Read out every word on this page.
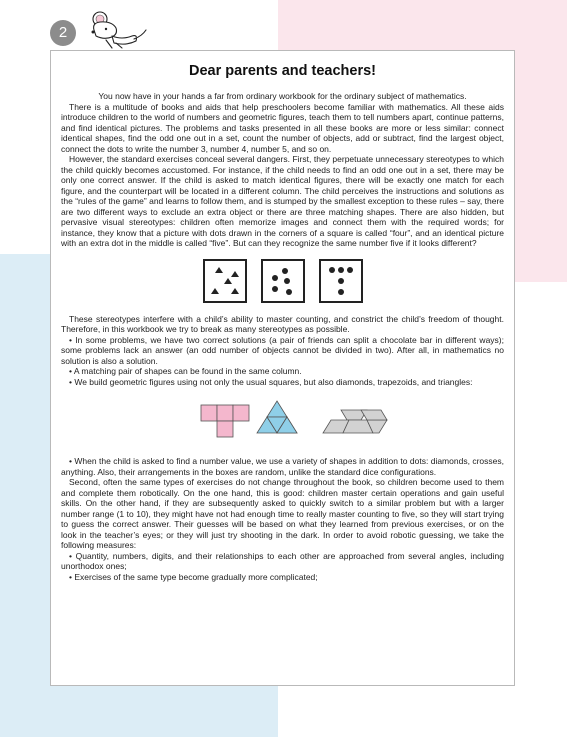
2
Dear parents and teachers!

You now have in your hands a far from ordinary workbook for the ordinary subject of mathematics.

There is a multitude of books and aids that help preschoolers become familiar with mathematics. All these aids introduce children to the world of numbers and geometric figures, teach them to tell numbers apart, continue patterns, and find identical pictures. The problems and tasks presented in all these books are more or less similar: connect identical shapes, find the odd one out in a set, count the number of objects, add or subtract, find the largest object, connect the dots to write the number 3, number 4, number 5, and so on.

However, the standard exercises conceal several dangers. First, they perpetuate unnecessary stereotypes to which the child quickly becomes accustomed. For instance, if the child needs to find an odd one out in a set, there may be only one correct answer. If the child is asked to match identical figures, there will be exactly one match for each figure, and the counterpart will be located in a different column. The child perceives the instructions and solutions as the “rules of the game” and learns to follow them, and is stumped by the smallest exception to these rules – say, there are two different ways to exclude an extra object or there are three matching shapes. There are also hidden, but pervasive visual stereotypes: children often memorize images and connect them with the required words; for instance, they know that a picture with dots drawn in the corners of a square is called “four”, and an identical picture with an extra dot in the middle is called “five”. But can they recognize the same number five if it looks different?

These stereotypes interfere with a child’s ability to master counting, and constrict the child’s freedom of thought. Therefore, in this workbook we try to break as many stereotypes as possible.

• In some problems, we have two correct solutions (a pair of friends can split a chocolate bar in different ways); some problems lack an answer (an odd number of objects cannot be divided in two). After all, in mathematics no solution is also a solution.

• A matching pair of shapes can be found in the same column.

• We build geometric figures using not only the usual squares, but also diamonds, trapezoids, and triangles:

• When the child is asked to find a number value, we use a variety of shapes in addition to dots: diamonds, crosses, anything. Also, their arrangements in the boxes are random, unlike the standard dice configurations.

Second, often the same types of exercises do not change throughout the book, so children become used to them and complete them robotically. On the one hand, this is good: children master certain operations and gain useful skills. On the other hand, if they are subsequently asked to quickly switch to a similar problem but with a larger number range (1 to 10), they might have not had enough time to really master counting to five, so they will start trying to guess the correct answer. Their guesses will be based on what they learned from previous exercises, or on the look in the teacher’s eyes; or they will just try shooting in the dark. In order to avoid robotic guessing, we take the following measures:

• Quantity, numbers, digits, and their relationships to each other are approached from several angles, including unorthodox ones;

• Exercises of the same type become gradually more complicated;
